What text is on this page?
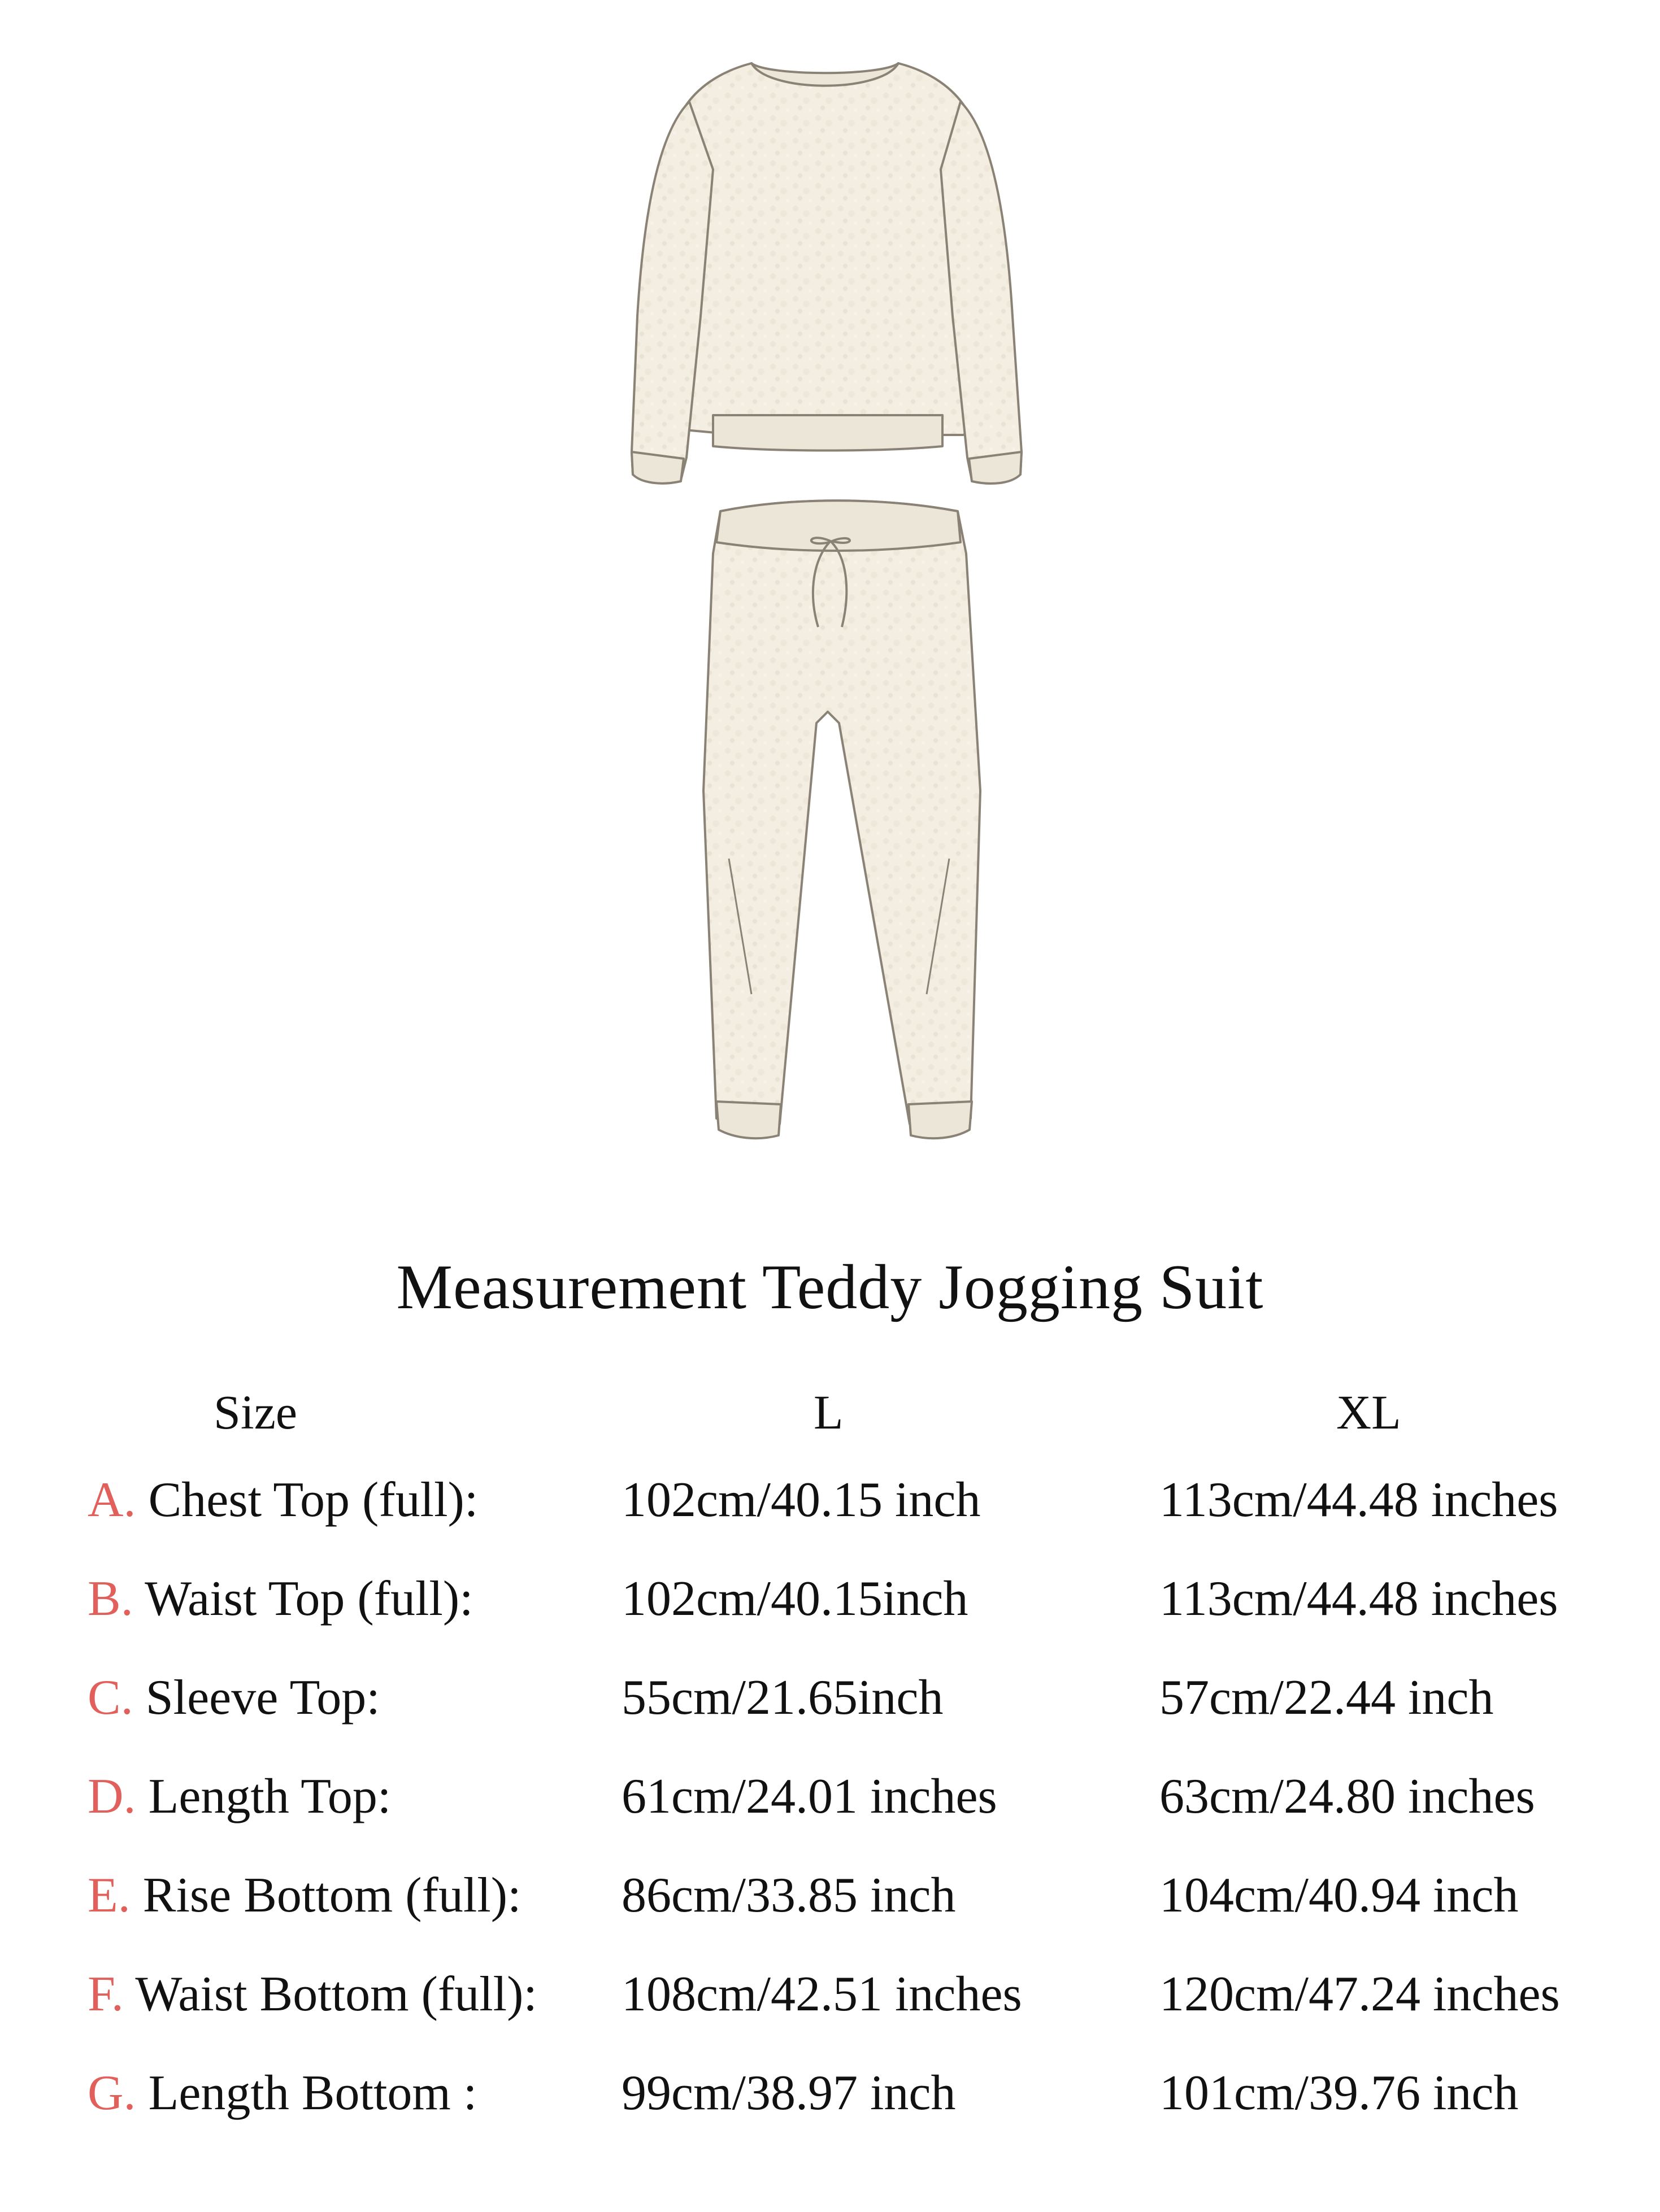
Measurement Teddy Jogging Suit
Size	L	XL
A. Chest Top (full):	102cm/40.15 inch	113cm/44.48 inches
B. Waist Top (full):	102cm/40.15inch	113cm/44.48 inches
C. Sleeve Top:	55cm/21.65inch	57cm/22.44 inch
D. Length Top:	61cm/24.01 inches	63cm/24.80 inches
E. Rise Bottom (full): 86cm/33.85 inch	104cm/40.94 inch
F. Waist Bottom (full): 108cm/42.51 inches	120cm/47.24 inches
G. Length Bottom :	99cm/38.97 inch	101cm/39.76 inch
